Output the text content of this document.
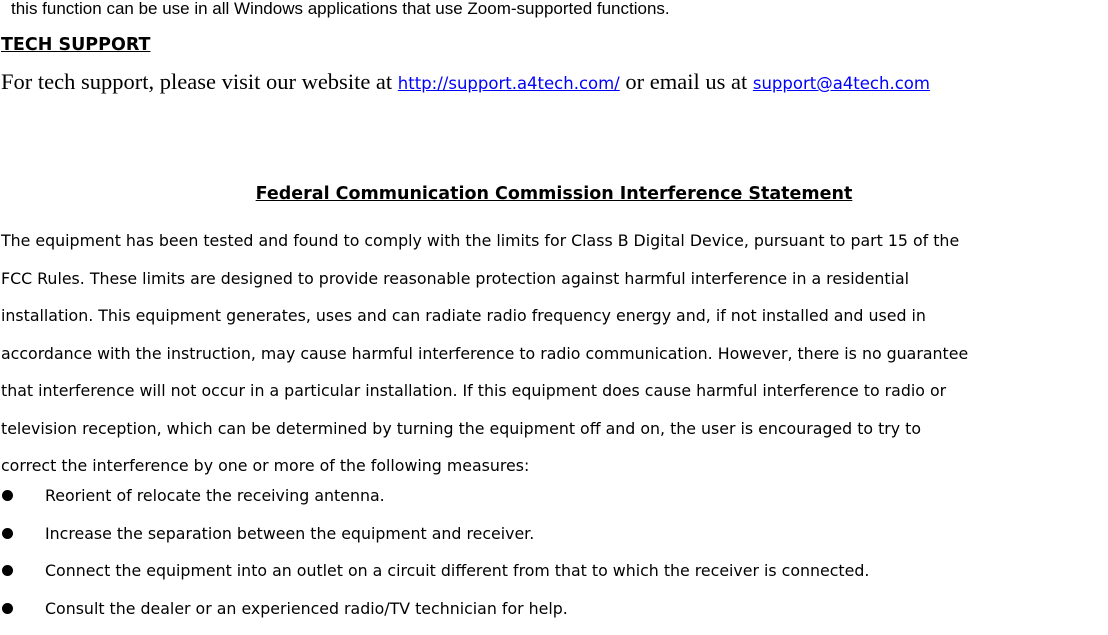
this function can be use in all Windows applications that use Zoom-supported functions.
TECH SUPPORT
For tech support, please visit our website at http://support.a4tech.com/ or email us at support@a4tech.com
Federal Communication Commission Interference Statement
The equipment has been tested and found to comply with the limits for Class B Digital Device, pursuant to part 15 of the
FCC Rules. These limits are designed to provide reasonable protection against harmful interference in a residential
installation. This equipment generates, uses and can radiate radio frequency energy and, if not installed and used in
accordance with the instruction, may cause harmful interference to radio communication. However, there is no guarantee
that interference will not occur in a particular installation. If this equipment does cause harmful interference to radio or
television reception, which can be determined by turning the equipment off and on, the user is encouraged to try to
correct the interference by one or more of the following measures:
Reorient of relocate the receiving antenna.
Increase the separation between the equipment and receiver.
Connect the equipment into an outlet on a circuit different from that to which the receiver is connected.
Consult the dealer or an experienced radio/TV technician for help.
